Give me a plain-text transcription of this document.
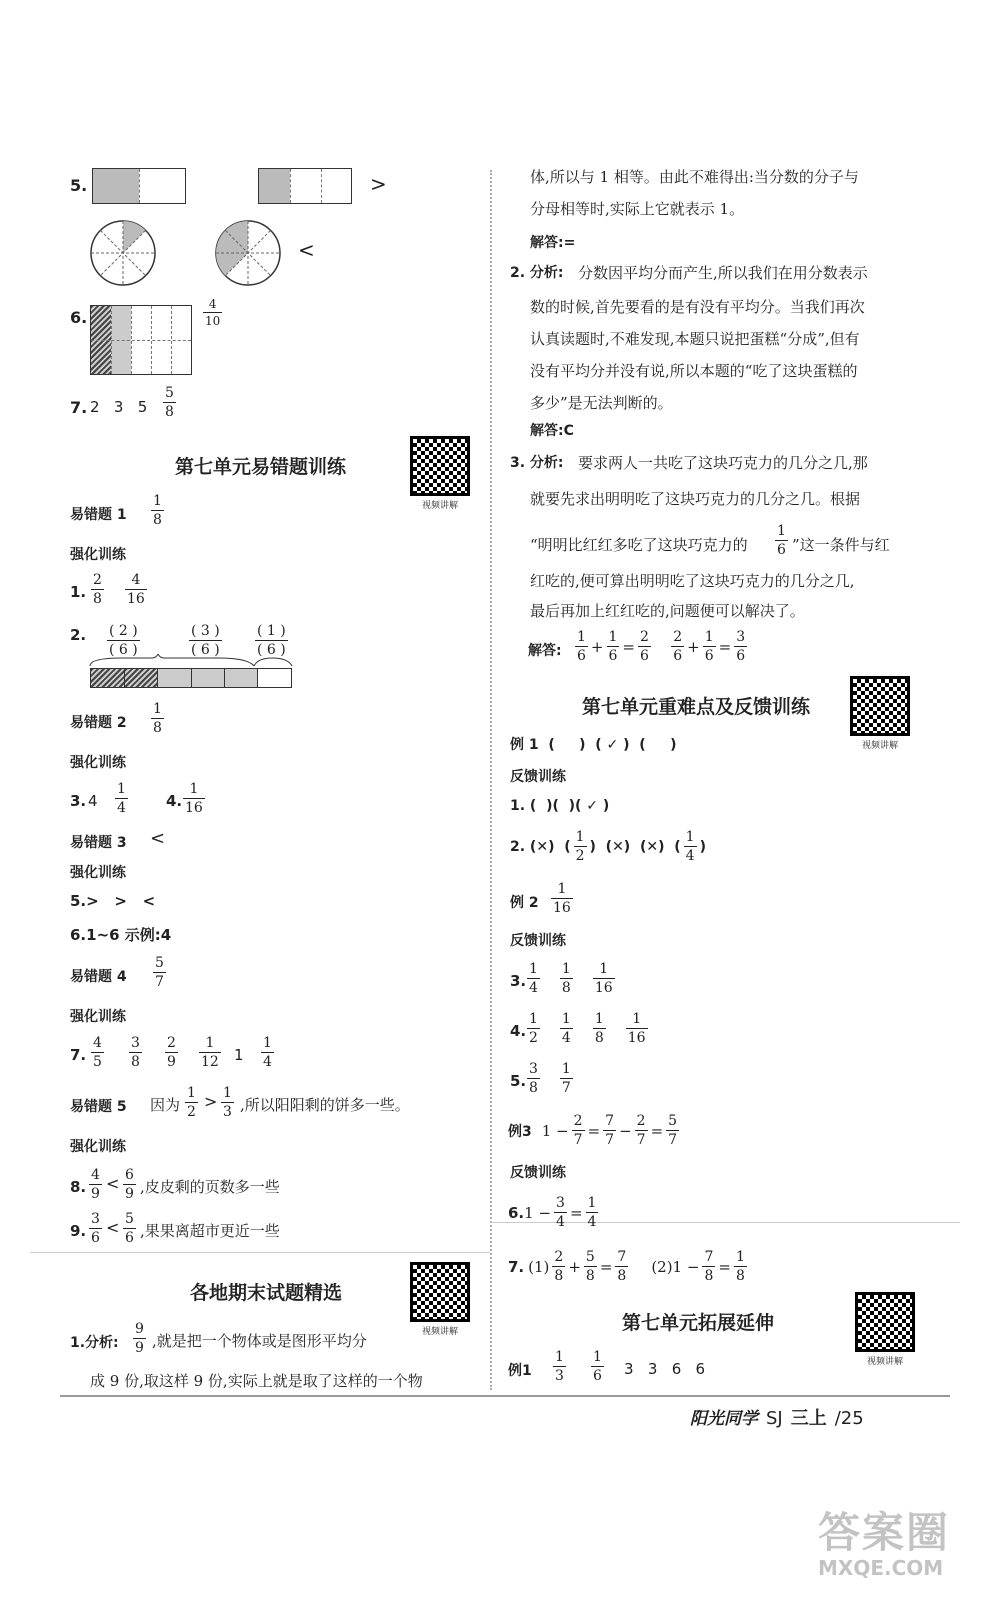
5.	>
<
6.	$\frac{4}{10}$
7. 2   3   $5 \frac{5}{8}$
第七单元易错题训练
视频讲解
易错题 $1 \frac{1}{8}$
强化训练
1. $\frac{2}{8} \frac{4}{16}$
2. $\frac{( 2 )}{( 6 )}$	$\frac{( 3 )}{( 6 )} \frac{( 1 )}{( 6 )}$
易错题 $2 \frac{1}{8}$
强化训练
3. $4 \frac{1}{4}$	4. $\frac{1}{16}$
易错题 3 <
强化训练
5.>   >   <
6.1~6 示例:4
易错题 $4 \frac{5}{7}$
强化训练
7. $\frac{4}{5} \frac{3}{8} \frac{2}{9} \frac{1}{12} 1 \frac{1}{4}$
易错题 5 因为 $\frac{1}{2} > \frac{1}{3}$ ,所以阳阳剩的饼多一些。
强化训练
8. $\frac{4}{9} < \frac{6}{9}$ ,皮皮剩的页数多一些
9. $\frac{3}{6} < \frac{5}{6}$ ,果果离超市更近一些
各地期末试题精选
视频讲解
1.分析: $\frac{9}{9}$ ,就是把一个物体或是图形平均分
成 9 份,取这样 9 份,实际上就是取了这样的一个物
体,所以与 1 相等。由此不难得出:当分数的分子与
分母相等时,实际上它就表示 1。
解答:=
2. 分析: 分数因平均分而产生,所以我们在用分数表示
数的时候,首先要看的是有没有平均分。当我们再次
认真读题时,不难发现,本题只说把蛋糕“分成”,但有
没有平均分并没有说,所以本题的“吃了这块蛋糕的
多少”是无法判断的。
解答:C
3. 分析: 要求两人一共吃了这块巧克力的几分之几,那
就要先求出明明吃了这块巧克力的几分之几。根据
“明明比红红多吃了这块巧克力的 $\frac{1}{6}$ ”这一条件与红
红吃的,便可算出明明吃了这块巧克力的几分之几,
最后再加上红红吃的,问题便可以解决了。
解答:
1
6
+ $\frac{1}{6} = \frac{2}{6}$
2
6
+ $\frac{1}{6} = \frac{3}{6}$
第七单元重难点及反馈训练
视频讲解
例 1  (     )  ( ✓ )  (     )
反馈训练
1. (  )(  )( ✓ )
2. (✕)  (
1
2
)  (✕)  (✕)  (
1
4
)
例 $2 \frac{1}{16}$
反馈训练
3.
1
4
1
8
1
16
4.
1
2
1
4
1
8
1
16
5.
3
8
1
7
例3 $1 - \frac{2}{7} = \frac{7}{7} - \frac{2}{7} = \frac{5}{7}$
反馈训练
6. $1 - \frac{3}{4} = \frac{1}{4}$
7. (1)
2
8
+ $\frac{5}{8} = \frac{7}{8} (2)1 - \frac{7}{8} = \frac{1}{8}$
第七单元拓展延伸
视频讲解
例$1 \frac{1}{3} \frac{1}{6} 3$   3   6   6
阳光同学 SJ 三上 /25
答案圈
MXQE.COM
